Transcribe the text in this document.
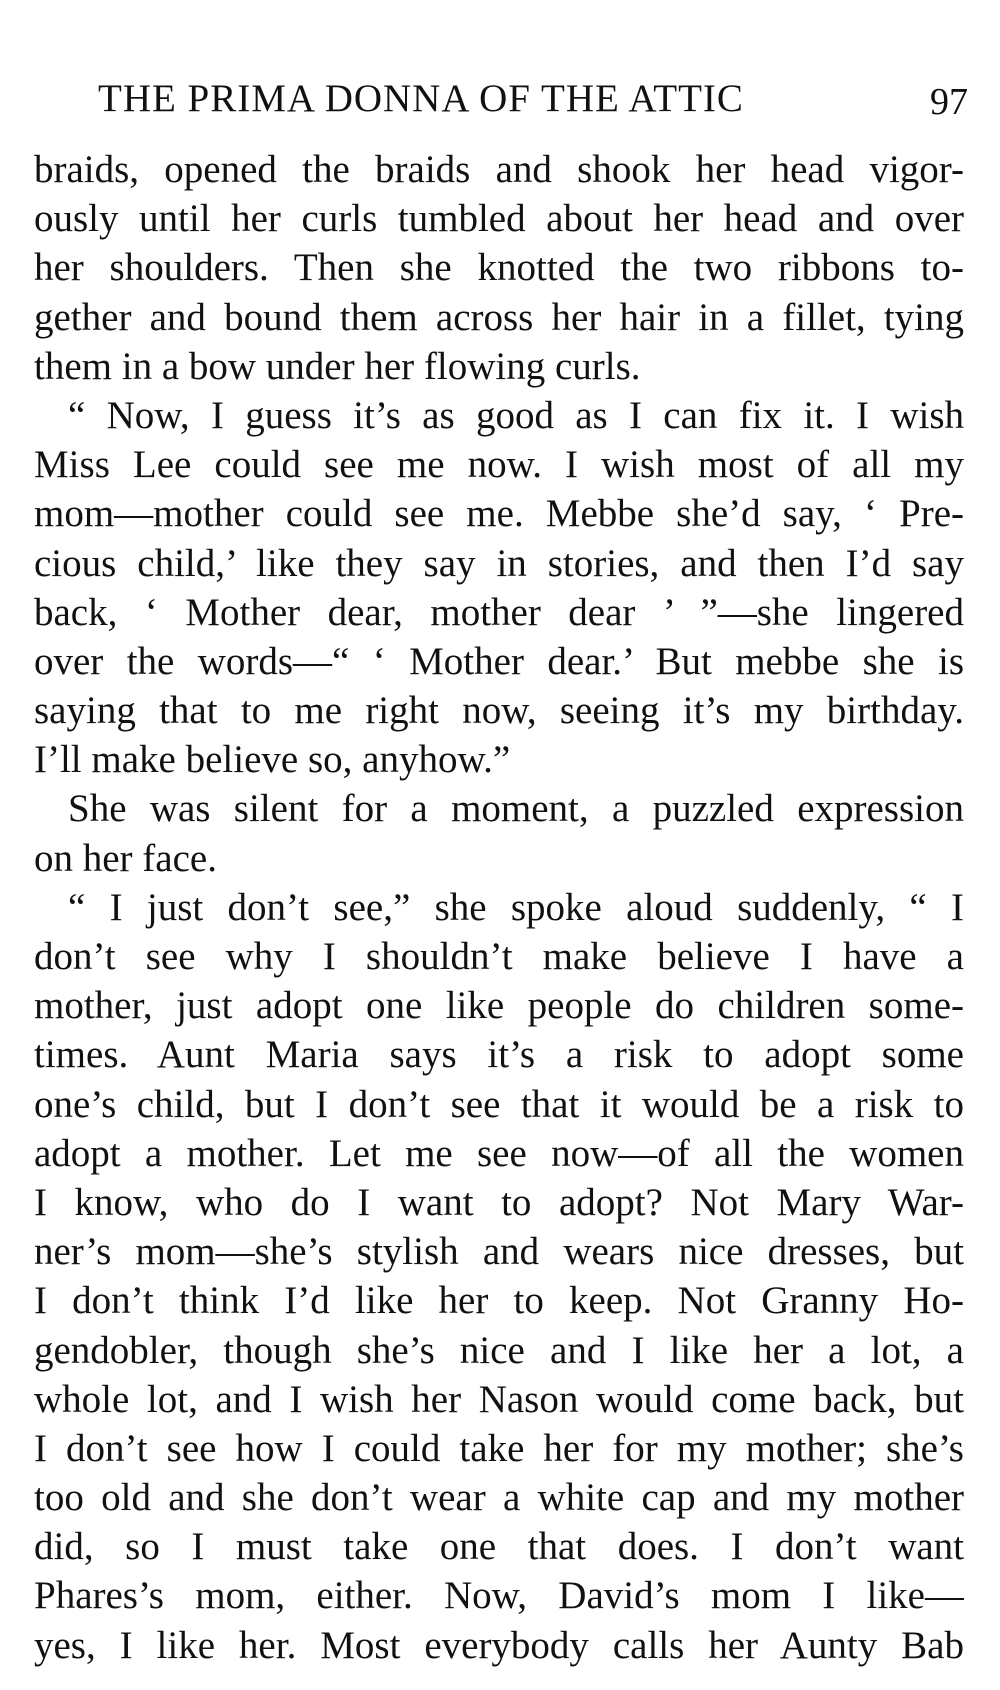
THE PRIMA DONNA OF THE ATTIC	97
braids, opened the braids and shook her head vigor-
ously until her curls tumbled about her head and over
her shoulders. Then she knotted the two ribbons to-
gether and bound them across her hair in a fillet, tying
them in a bow under her flowing curls.
“ Now, I guess it’s as good as I can fix it. I wish
Miss Lee could see me now. I wish most of all my
mom—mother could see me. Mebbe she’d say, ‘ Pre-
cious child,’ like they say in stories, and then I’d say
back, ‘ Mother dear, mother dear ’ ”—she lingered
over the words—“ ‘ Mother dear.’ But mebbe she is
saying that to me right now, seeing it’s my birthday.
I’ll make believe so, anyhow.”
She was silent for a moment, a puzzled expression
on her face.
“ I just don’t see,” she spoke aloud suddenly, “ I
don’t see why I shouldn’t make believe I have a
mother, just adopt one like people do children some-
times. Aunt Maria says it’s a risk to adopt some
one’s child, but I don’t see that it would be a risk to
adopt a mother. Let me see now—of all the women
I know, who do I want to adopt? Not Mary War-
ner’s mom—she’s stylish and wears nice dresses, but
I don’t think I’d like her to keep. Not Granny Ho-
gendobler, though she’s nice and I like her a lot, a
whole lot, and I wish her Nason would come back, but
I don’t see how I could take her for my mother; she’s
too old and she don’t wear a white cap and my mother
did, so I must take one that does. I don’t want
Phares’s mom, either. Now, David’s mom I like—
yes, I like her. Most everybody calls her Aunty Bab
